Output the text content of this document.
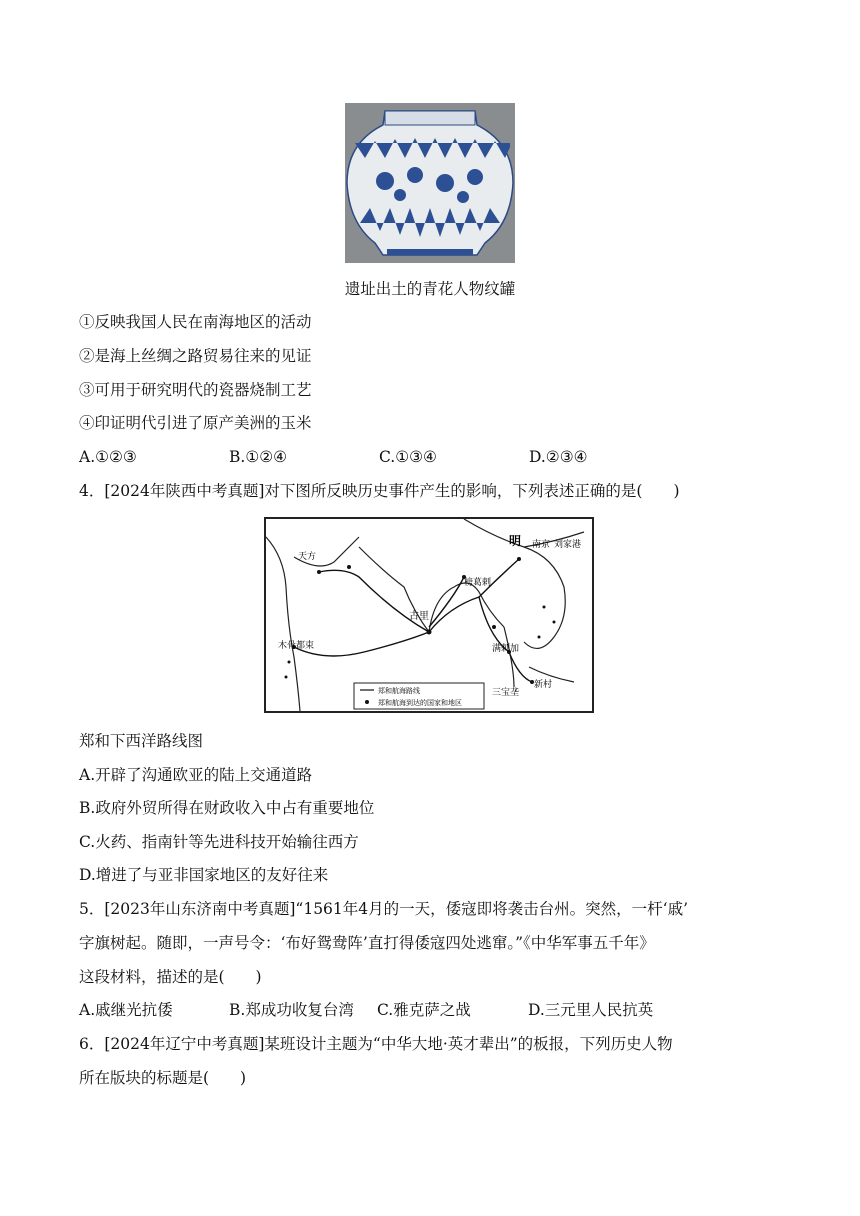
遗址出土的青花人物纹罐
①反映我国人民在南海地区的活动
②是海上丝绸之路贸易往来的见证
③可用于研究明代的瓷器烧制工艺
④印证明代引进了原产美洲的玉米
A.①②③	B.①②④	C.①③④	D.②③④
4．[2024年陕西中考真题]对下图所反映历史事件产生的影响，下列表述正确的是(　　)
明 南京 刘家港
天方
古里
榜葛剌
木骨都束	满剌加
三宝垄
新村
郑和航海路线
郑和航海到达的国家和地区
郑和下西洋路线图
A.开辟了沟通欧亚的陆上交通道路
B.政府外贸所得在财政收入中占有重要地位
C.火药、指南针等先进科技开始输往西方
D.增进了与亚非国家地区的友好往来
5．[2023年山东济南中考真题]“1561年4月的一天，倭寇即将袭击台州。突然，一杆‘戚’
字旗树起。随即，一声号令：‘布好鸳鸯阵’直打得倭寇四处逃窜。”《中华军事五千年》
这段材料，描述的是(　　)
A.戚继光抗倭	B.郑成功收复台湾 C.雅克萨之战	D.三元里人民抗英
6．[2024年辽宁中考真题]某班设计主题为“中华大地·英才辈出”的板报，下列历史人物
所在版块的标题是(　　)
